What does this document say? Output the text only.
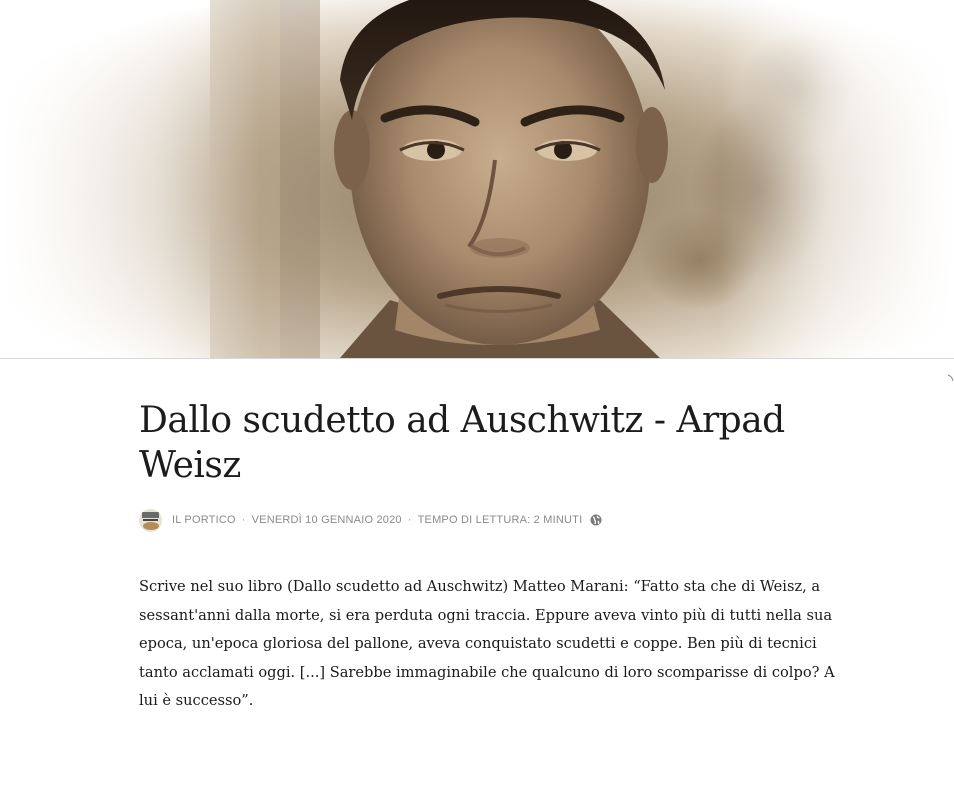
Dallo scudetto ad Auschwitz - Arpad Weisz
IL PORTICO · VENERDÌ 10 GENNAIO 2020 · TEMPO DI LETTURA: 2 MINUTI

Scrive nel suo libro (Dallo scudetto ad Auschwitz) Matteo Marani: “Fatto sta che di Weisz, a sessant'anni dalla morte, si era perduta ogni traccia. Eppure aveva vinto più di tutti nella sua epoca, un'epoca gloriosa del pallone, aveva conquistato scudetti e coppe. Ben più di tecnici tanto acclamati oggi. [...] Sarebbe immaginabile che qualcuno di loro scomparisse di colpo? A lui è successo”.
